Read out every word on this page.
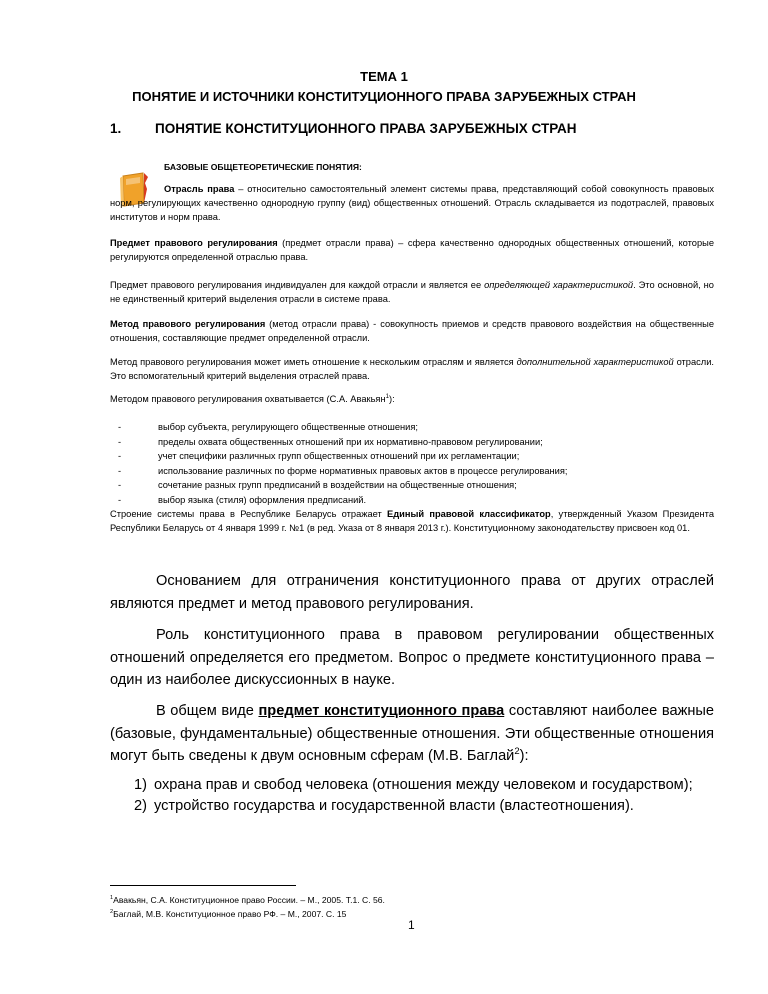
ТЕМА 1
ПОНЯТИЕ И ИСТОЧНИКИ КОНСТИТУЦИОННОГО ПРАВА ЗАРУБЕЖНЫХ СТРАН
1. ПОНЯТИЕ КОНСТИТУЦИОННОГО ПРАВА ЗАРУБЕЖНЫХ СТРАН
БАЗОВЫЕ ОБЩЕТЕОРЕТИЧЕСКИЕ ПОНЯТИЯ:
Отрасль права – относительно самостоятельный элемент системы права, представляющий собой совокупность правовых норм, регулирующих качественно однородную группу (вид) общественных отношений. Отрасль складывается из подотраслей, правовых институтов и норм права.
Предмет правового регулирования (предмет отрасли права) – сфера качественно однородных общественных отношений, которые регулируются определенной отраслью права.
Предмет правового регулирования индивидуален для каждой отрасли и является ее определяющей характеристикой. Это основной, но не единственный критерий выделения отрасли в системе права.
Метод правового регулирования (метод отрасли права) - совокупность приемов и средств правового воздействия на общественные отношения, составляющие предмет определенной отрасли.
Метод правового регулирования может иметь отношение к нескольким отраслям и является дополнительной характеристикой отрасли. Это вспомогательный критерий выделения отраслей права.
Методом правового регулирования охватывается (С.А. Авакьян$^1$):
-	выбор субъекта, регулирующего общественные отношения;
-	пределы охвата общественных отношений при их нормативно-правовом регулировании;
-	учет специфики различных групп общественных отношений при их регламентации;
-	использование различных по форме нормативных правовых актов в процессе регулирования;
-	сочетание разных групп предписаний в воздействии на общественные отношения;
-	выбор языка (стиля) оформления предписаний.
Строение системы права в Республике Беларусь отражает Единый правовой классификатор, утвержденный Указом Президента Республики Беларусь от 4 января 1999 г. №1 (в ред. Указа от 8 января 2013 г.). Конституционному законодательству присвоен код 01.
Основанием для отграничения конституционного права от других отраслей являются предмет и метод правового регулирования.
Роль конституционного права в правовом регулировании общественных отношений определяется его предметом. Вопрос о предмете конституционного права – один из наиболее дискуссионных в науке.
В общем виде предмет конституционного права составляют наиболее важные (базовые, фундаментальные) общественные отношения. Эти общественные отношения могут быть сведены к двум основным сферам (М.В. Баглай$^2$):
1) охрана прав и свобод человека (отношения между человеком и государством);
2) устройство государства и государственной власти (властеотношения).
$^1$Авакьян, С.А. Конституционное право России. – М., 2005. Т.1. С. 56.
$^2$Баглай, М.В. Конституционное право РФ. – М., 2007. С. 15
1
